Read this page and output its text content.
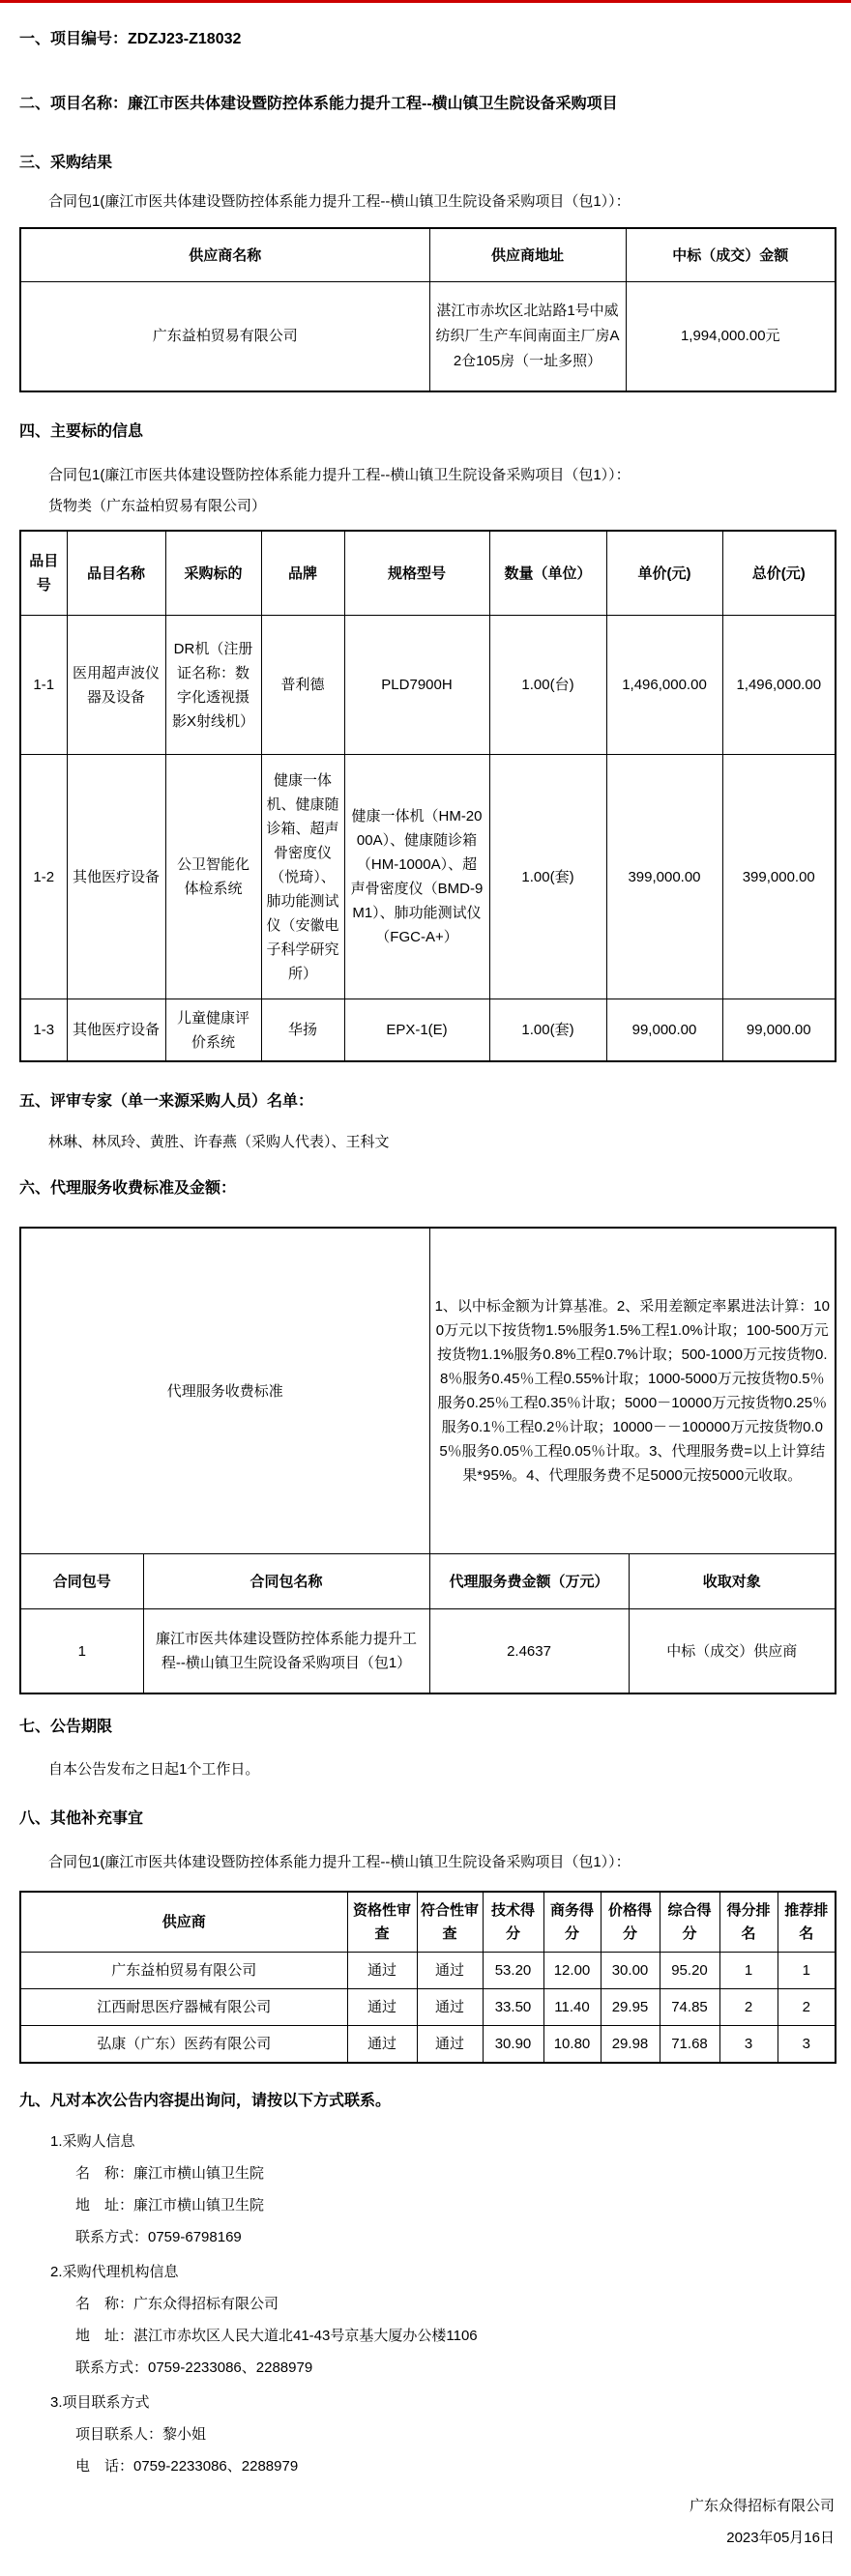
一、项目编号：ZDZJ23-Z18032
二、项目名称：廉江市医共体建设暨防控体系能力提升工程--横山镇卫生院设备采购项目
三、采购结果
合同包1(廉江市医共体建设暨防控体系能力提升工程--横山镇卫生院设备采购项目（包1））：
供应商名称	供应商地址	中标（成交）金额
广东益柏贸易有限公司	湛江市赤坎区北站路1号中威纺织厂生产车间南面主厂房A2仓105房（一址多照）	1,994,000.00元
四、主要标的信息
合同包1(廉江市医共体建设暨防控体系能力提升工程--横山镇卫生院设备采购项目（包1））：
货物类（广东益柏贸易有限公司）
品目号	品目名称	采购标的	品牌	规格型号	数量（单位）	单价(元)	总价(元)
1-1	医用超声波仪器及设备	DR机（注册证名称：数字化透视摄影X射线机）	普利德	PLD7900H	1.00(台)	1,496,000.00	1,496,000.00
1-2	其他医疗设备	公卫智能化体检系统	健康一体机、健康随诊箱、超声骨密度仪（悦琦）、肺功能测试仪（安徽电子科学研究所）	健康一体机（HM-2000A）、健康随诊箱（HM-1000A）、超声骨密度仪（BMD-9M1）、肺功能测试仪（FGC-A+）	1.00(套)	399,000.00	399,000.00
1-3	其他医疗设备	儿童健康评价系统	华扬	EPX-1(E)	1.00(套)	99,000.00	99,000.00
五、评审专家（单一来源采购人员）名单：
林琳、林凤玲、黄胜、许春燕（采购人代表）、王科文
六、代理服务收费标准及金额：
代理服务收费标准		1、以中标金额为计算基准。2、采用差额定率累进法计算：100万元以下按货物1.5%服务1.5%工程1.0%计取；100-500万元按货物1.1%服务0.8%工程0.7%计取；500-1000万元按货物0.8％服务0.45％工程0.55%计取；1000-5000万元按货物0.5％服务0.25％工程0.35％计取；5000－10000万元按货物0.25％服务0.1％工程0.2％计取；10000－－100000万元按货物0.05％服务0.05％工程0.05％计取。3、代理服务费=以上计算结果*95%。4、代理服务费不足5000元按5000元收取。	
合同包号	合同包名称	代理服务费金额（万元）	收取对象
1	廉江市医共体建设暨防控体系能力提升工程--横山镇卫生院设备采购项目（包1）	2.4637	中标（成交）供应商
七、公告期限
自本公告发布之日起1个工作日。
八、其他补充事宜
合同包1(廉江市医共体建设暨防控体系能力提升工程--横山镇卫生院设备采购项目（包1））：
供应商	资格性审查	符合性审查	技术得分	商务得分	价格得分	综合得分	得分排名	推荐排名
广东益柏贸易有限公司	通过	通过	53.20	12.00	30.00	95.20	1	1
江西耐思医疗器械有限公司	通过	通过	33.50	11.40	29.95	74.85	2	2
弘康（广东）医药有限公司	通过	通过	30.90	10.80	29.98	71.68	3	3
九、凡对本次公告内容提出询问，请按以下方式联系。
1.采购人信息
名　称：廉江市横山镇卫生院
地　址：廉江市横山镇卫生院
联系方式：0759-6798169
2.采购代理机构信息
名　称：广东众得招标有限公司
地　址：湛江市赤坎区人民大道北41-43号京基大厦办公楼1106
联系方式：0759-2233086、2288979
3.项目联系方式
项目联系人：黎小姐
电　话：0759-2233086、2288979
广东众得招标有限公司
2023年05月16日
